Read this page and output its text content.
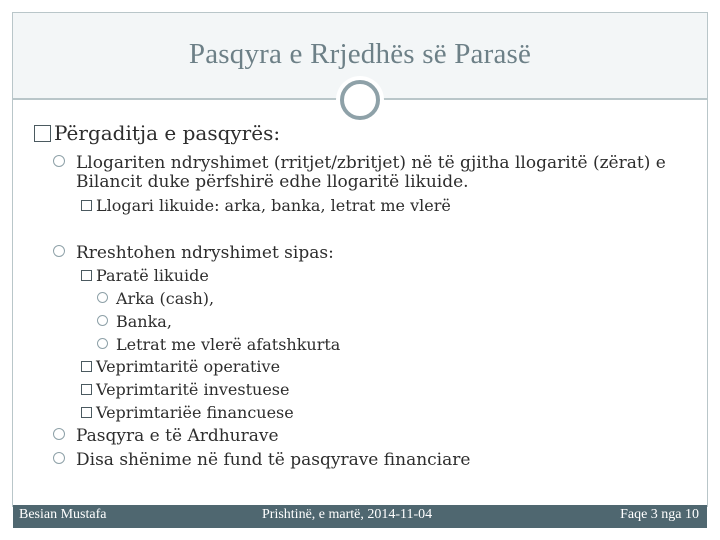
Pasqyra e Rrjedhës së Parasë
Përgaditja e pasqyrës:
Llogariten ndryshimet (rritjet/zbritjet) në të gjitha llogaritë (zërat) e
Bilancit duke përfshirë edhe llogaritë likuide.
Llogari likuide: arka, banka, letrat me vlerë
Rreshtohen ndryshimet sipas:
Paratë likuide
Arka (cash),
Banka,
Letrat me vlerë afatshkurta
Veprimtaritë operative
Veprimtaritë investuese
Veprimtariëe financuese
Pasqyra e të Ardhurave
Disa shënime në fund të pasqyrave financiare
Besian Mustafa	Prishtinë, e martë, 2014-11-04	Faqe 3 nga 10
